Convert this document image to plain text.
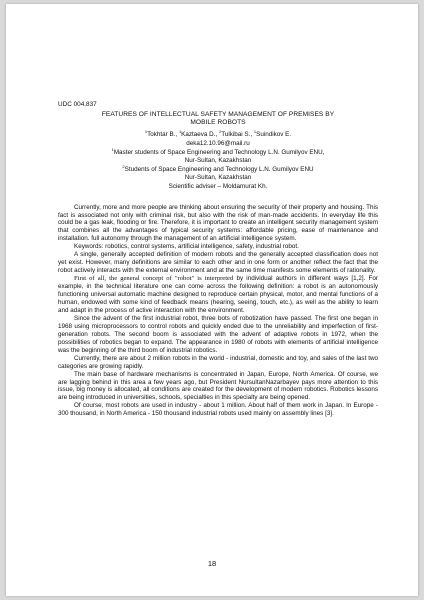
UDC 004.837

FEATURES OF INTELLECTUAL SAFETY MANAGEMENT OF PREMISES BY
MOBILE ROBOTS

$^1$Tokhtar B., $^1$Kaztaeva D., $^2$Tulkibai S., $^1$Suindikov E.

deka12.10.96@mail.ru

$^1$Master students of Space Engineering and Technology L.N. Gumilyov ENU,

Nur-Sultan, Kazakhstan

$^2$Students of Space Engineering and Technology L.N. Gumilyov ENU

Nur-Sultan, Kazakhstan

Scientific adviser – Moldamurat Kh.

Currently, more and more people are thinking about ensuring the security of their property and housing. This fact is associated not only with criminal risk, but also with the risk of man-made accidents. In everyday life this could be a gas leak, flooding or fire. Therefore, it is important to create an intelligent security management system that combines all the advantages of typical security systems: affordable pricing, ease of maintenance and installation. full autonomy through the management of an artificial intelligence system.

Keywords: robotics, control systems, artificial intelligence, safety, industrial robot.

A single, generally accepted definition of modern robots and the generally accepted classification does not yet exist. However, many definitions are similar to each other and in one form or another reflect the fact that the robot actively interacts with the external environment and at the same time manifests some elements of rationality.

First of all, the general concept of "robot" is interpreted by individual authors in different ways [1,2]. For example, in the technical literature one can come across the following definition: a robot is an autonomously functioning universal automatic machine designed to reproduce certain physical, motor, and mental functions of a human, endowed with some kind of feedback means (hearing, seeing, touch, etc.), as well as the ability to learn and adapt in the process of active interaction with the environment.

Since the advent of the first industrial robot, three bots of robotization have passed. The first one began in 1968 using microprocessors to control robots and quickly ended due to the unreliability and imperfection of first-generation robots. The second boom is associated with the advent of adaptive robots in 1972, when the possibilities of robotics began to expand. The appearance in 1980 of robots with elements of artificial intelligence was the beginning of the third boom of industrial robotics.

Currently, there are about 2 million robots in the world - industrial, domestic and toy, and sales of the last two categories are growing rapidly.

The main base of hardware mechanisms is concentrated in Japan, Europe, North America. Of course, we are lagging behind in this area a few years ago, but President NursultanNazarbayev pays more attention to this issue, big money is allocated, all conditions are created for the development of modern robotics. Robotics lessons are being introduced in universities, schools, specialties in this specialty are being opened.

Of course, most robots are used in industry - about 1 million. About half of them work in Japan. In Europe - 300 thousand, in North America - 150 thousand industrial robots used mainly on assembly lines [3].

18
